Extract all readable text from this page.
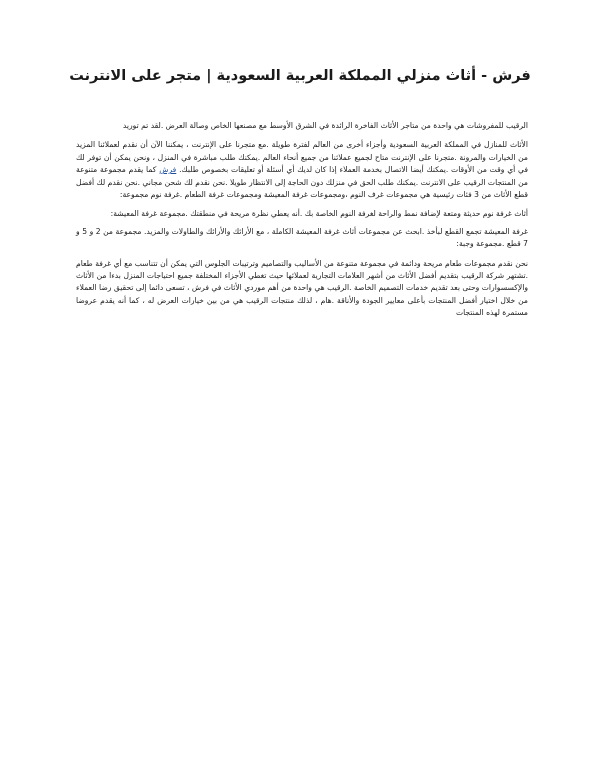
فرش - أثاث منزلي المملكة العربية السعودية | متجر على الانترنت

الرقيب للمفروشات هي واحدة من متاجر الأثاث الفاخرة الرائدة في الشرق الأوسط مع مصنعها الخاص وصالة العرض .لقد تم توريد

الأثاث للمنازل في المملكة العربية السعودية وأجزاء أخرى من العالم لفترة طويلة .مع متجرنا على الإنترنت ، يمكننا الآن أن نقدم لعملائنا المزيد من الخيارات والمرونة .متجرنا على الإنترنت متاح لجميع عملائنا من جميع أنحاء العالم .يمكنك طلب مباشرة في المنزل ، ونحن يمكن أن توفر لك في أي وقت من الأوقات .يمكنك أيضا الاتصال بخدمة العملاء إذا كان لديك أي أسئلة أو تعليقات بخصوص طلبك. فرش كما يقدم مجموعة متنوعة من المنتجات الرقيب على الانترنت .يمكنك طلب الحق في منزلك دون الحاجة إلى الانتظار طويلا .نحن نقدم لك شحن مجاني .نحن نقدم لك أفضل قطع الأثاث من 3 فئات رئيسية هي مجموعات غرف النوم ،ومجموعات غرفة المعيشة ومجموعات غرفة الطعام .غرفة نوم مجموعة:

أثاث غرفة نوم حديثة ومتعة لإضافة نمط والراحة لغرفة النوم الخاصة بك .أنه يعطي نظرة مريحة في منطقتك .مجموعة غرفة المعيشة:

غرفة المعيشة تجمع القطع لبأخذ .ابحث عن مجموعات أثاث غرفة المعيشة الكاملة ، مع الأرائك والأرائك والطاولات والمزيد. مجموعة من 2 و 5 و 7 قطع .مجموعة وجبة:

نحن نقدم مجموعات طعام مريحة ودائمة في مجموعة متنوعة من الأساليب والتصاميم وترتيبات الجلوس التي يمكن أن تتناسب مع أي غرفة طعام .تشتهر شركة الرقيب بتقديم أفضل الأثاث من أشهر العلامات التجارية لعملائها حيث تغطي الأجزاء المختلفة جميع احتياجات المنزل بدءا من الأثاث والإكسسوارات وحتى بعد تقديم خدمات التصميم الخاصة .الرقيب هي واحدة من أهم موردي الأثاث في فرش ، تسعى دائما إلى تحقيق رضا العملاء من خلال اختيار أفضل المنتجات بأعلى معايير الجودة والأناقة .هام ، لذلك منتجات الرقيب هي من بين خيارات العرض له ، كما أنه يقدم عروضا مستمرة لهذه المنتجات
